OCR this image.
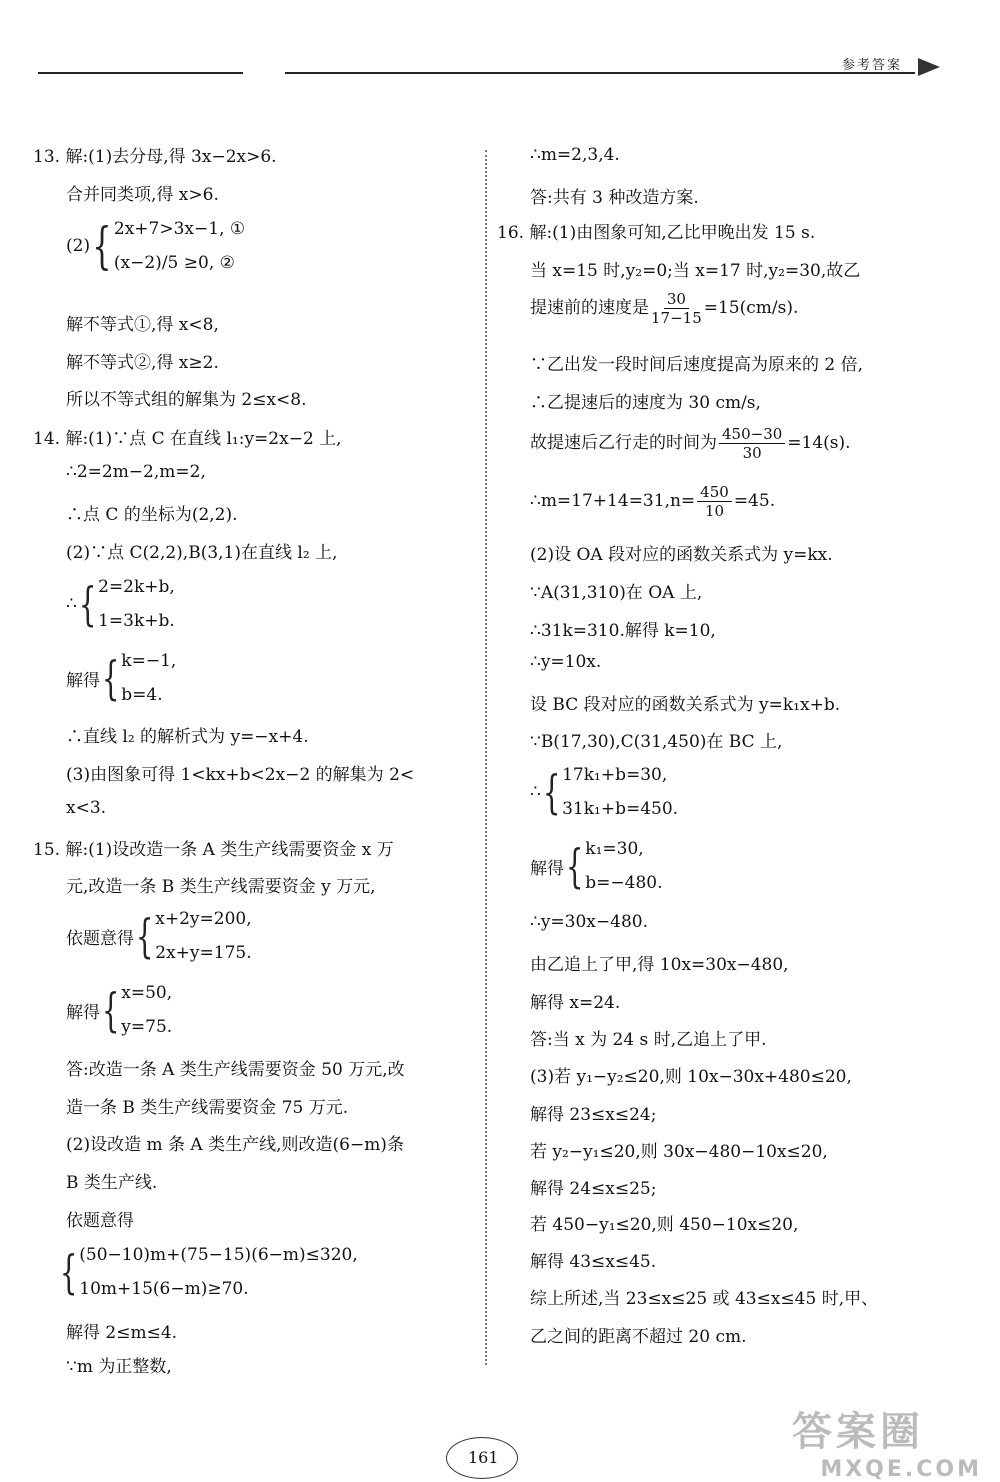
参考答案
13. 解:(1)去分母,得 3x−2x>6.
合并同类项,得 x>6.
(2) { 2x+7>3x−1, ①
(x−2)/5 ≥0, ②
解不等式①,得 x<8,
解不等式②,得 x≥2.
所以不等式组的解集为 2≤x<8.
14. 解:(1)∵点 C 在直线 l₁:y=2x−2 上,
∴2=2m−2,m=2,
∴点 C 的坐标为(2,2).
(2)∵点 C(2,2),B(3,1)在直线 l₂ 上,
∴ { 2=2k+b,
1=3k+b.
解得 { k=−1,
b=4.
∴直线 l₂ 的解析式为 y=−x+4.
(3)由图象可得 1<kx+b<2x−2 的解集为 2<
x<3.
15. 解:(1)设改造一条 A 类生产线需要资金 x 万
元,改造一条 B 类生产线需要资金 y 万元,
依题意得 { x+2y=200,
2x+y=175.
解得 { x=50,
y=75.
答:改造一条 A 类生产线需要资金 50 万元,改
造一条 B 类生产线需要资金 75 万元.
(2)设改造 m 条 A 类生产线,则改造(6−m)条
B 类生产线.
依题意得
{ (50−10)m+(75−15)(6−m)≤320,
10m+15(6−m)≥70.
解得 2≤m≤4.
∵m 为正整数,
∴m=2,3,4.
答:共有 3 种改造方案.
16. 解:(1)由图象可知,乙比甲晚出发 15 s.
当 x=15 时,y₂=0;当 x=17 时,y₂=30,故乙
提速前的速度是 $\frac{30}{17-15} =15(cm/s)$.
∵乙出发一段时间后速度提高为原来的 2 倍,
∴乙提速后的速度为 30 cm/s,
故提速后乙行走的时间为 $\frac{450-30}{30} =14(s)$.
∴m=17+14=31,n= $\frac{450}{10} =45$.
(2)设 OA 段对应的函数关系式为 y=kx.
∵A(31,310)在 OA 上,
∴31k=310.解得 k=10,
∴y=10x.
设 BC 段对应的函数关系式为 y=k₁x+b.
∵B(17,30),C(31,450)在 BC 上,
∴ { 17k₁+b=30,
31k₁+b=450.
解得 { k₁=30,
b=−480.
∴y=30x−480.
由乙追上了甲,得 10x=30x−480,
解得 x=24.
答:当 x 为 24 s 时,乙追上了甲.
(3)若 y₁−y₂≤20,则 10x−30x+480≤20,
解得 23≤x≤24;
若 y₂−y₁≤20,则 30x−480−10x≤20,
解得 24≤x≤25;
若 450−y₁≤20,则 450−10x≤20,
解得 43≤x≤45.
综上所述,当 23≤x≤25 或 43≤x≤45 时,甲、
乙之间的距离不超过 20 cm.
161
答案圈
MXQE.COM
